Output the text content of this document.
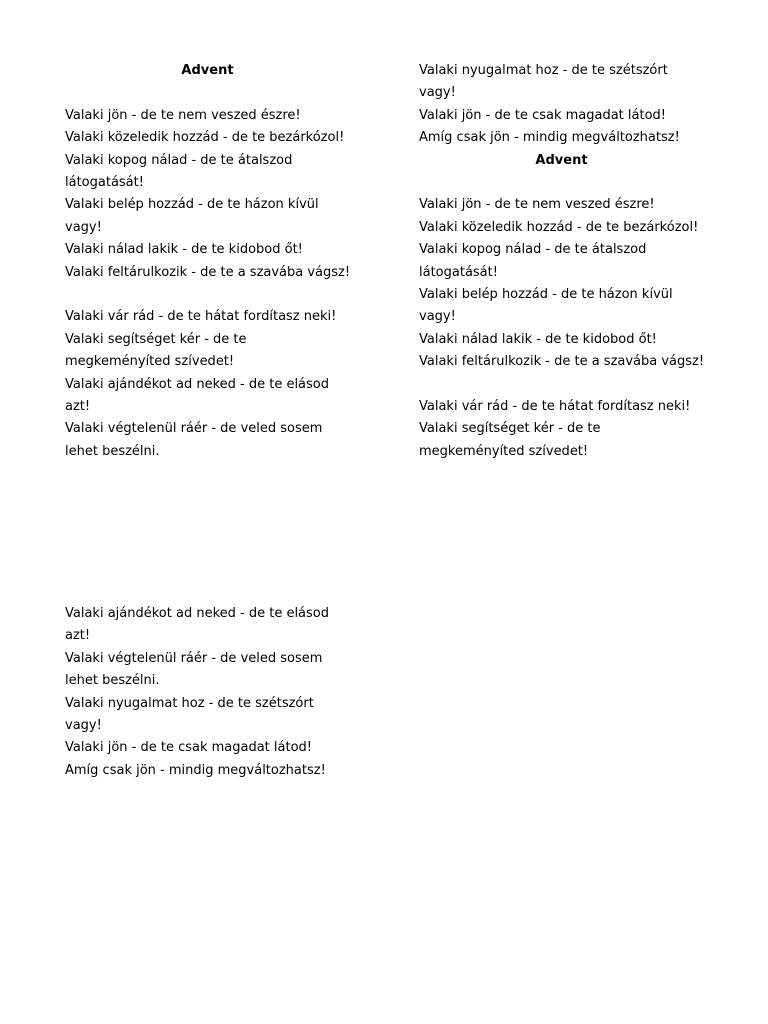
Advent
Valaki jön - de te nem veszed észre!
Valaki közeledik hozzád - de te bezárkózol!
Valaki kopog nálad - de te átalszod
látogatását!
Valaki belép hozzád - de te házon kívül
vagy!
Valaki nálad lakik - de te kidobod őt!
Valaki feltárulkozik - de te a szavába vágsz!
Valaki vár rád - de te hátat fordítasz neki!
Valaki segítséget kér - de te
megkeményíted szívedet!
Valaki ajándékot ad neked - de te elásod
azt!
Valaki végtelenül ráér - de veled sosem
lehet beszélni.
Valaki nyugalmat hoz - de te szétszórt
vagy!
Valaki jön - de te csak magadat látod!
Amíg csak jön - mindig megváltozhatsz!
Advent
Valaki jön - de te nem veszed észre!
Valaki közeledik hozzád - de te bezárkózol!
Valaki kopog nálad - de te átalszod
látogatását!
Valaki belép hozzád - de te házon kívül
vagy!
Valaki nálad lakik - de te kidobod őt!
Valaki feltárulkozik - de te a szavába vágsz!
Valaki vár rád - de te hátat fordítasz neki!
Valaki segítséget kér - de te
megkeményíted szívedet!
Valaki ajándékot ad neked - de te elásod
azt!
Valaki végtelenül ráér - de veled sosem
lehet beszélni.
Valaki nyugalmat hoz - de te szétszórt
vagy!
Valaki jön - de te csak magadat látod!
Amíg csak jön - mindig megváltozhatsz!
